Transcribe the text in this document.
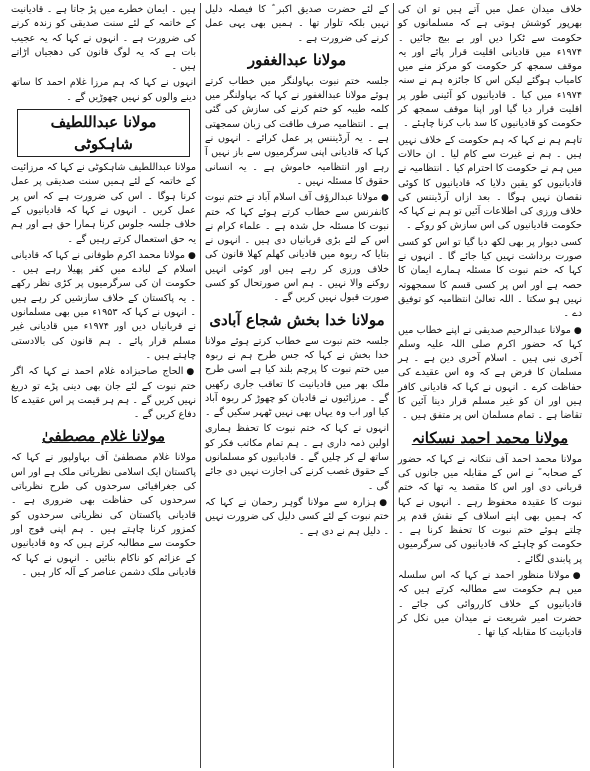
خلاف میدان عمل میں آتے ہیں تو ان کی بھرپور کوشش ہوتی ہے کہ مسلمانوں کو حکومت سے ٹکرا دیں اور بے بیج جائیں ۔ ۱۹۷۴ء میں قادیانی اقلیت قرار پائے اور یہ موقف سمجھ کر حکومت کو مرکز منے میں کامیاب ہوگئے لیکن اس کا جائزہ ہم نے سنہ ۱۹۷۴ء میں کیا ۔ قادیانیوں کو آئینی طور پر اقلیت قرار دیا گیا اور اپنا موقف سمجھ کر حکومت کو قادیانیوں کا سد باب کرنا چاہئے ۔

تاہم ہم نے کہا کہ ہم حکومت کے خلاف نہیں ہیں ۔ ہم نے غیرت سے کام لیا ۔ ان حالات میں ہم نے حکومت کا احترام کیا ۔ انتظامیہ نے قادیانیوں کو یقین دلایا کہ قادیانیوں کا کوئی نقصان نہیں ہوگا ۔ بعد ازاں آرڈیننس کی خلاف ورزی کی اطلاعات آئیں تو ہم نے کہا کہ حکومت قادیانیوں کی اس سازش کو روکے ۔

کسی دیوار پر بھی لکھ دیا گیا تو اس کو کسی صورت برداشت نہیں کیا جائے گا ۔ انہوں نے کہا کہ ختم نبوت کا مسئلہ ہمارے ایمان کا حصہ ہے اور اس پر کسی قسم کا سمجھوتہ نہیں ہو سکتا ۔ اللہ تعالیٰ انتظامیہ کو توفیق دے ۔

● مولانا عبدالرحیم صدیقی نے اپنے خطاب میں کہا کہ حضور اکرم صلی اللہ علیہ وسلم آخری نبی ہیں ۔ اسلام آخری دین ہے ۔ ہر مسلمان کا فرض ہے کہ وہ اس عقیدے کی حفاظت کرے ۔ انہوں نے کہا کہ قادیانی کافر ہیں اور ان کو غیر مسلم قرار دینا آئین کا تقاضا ہے ۔ تمام مسلمان اس پر متفق ہیں ۔

مولانا محمد احمد نسکانہ

مولانا محمد احمد آف ننکانہ نے کہا کہ حضور کے صحابہ ؓ نے اس کے مقابلہ میں جانوں کی قربانی دی اور اس کا مقصد یہ تھا کہ ختم نبوت کا عقیدہ محفوظ رہے ۔ انہوں نے کہا کہ ہمیں بھی اپنے اسلاف کے نقش قدم پر چلتے ہوئے ختم نبوت کا تحفظ کرنا ہے ۔ حکومت کو چاہئے کہ قادیانیوں کی سرگرمیوں پر پابندی لگائے ۔

● مولانا منظور احمد نے کہا کہ اس سلسلہ میں ہم حکومت سے مطالبہ کرتے ہیں کہ قادیانیوں کے خلاف کارروائی کی جائے ۔ حضرت امیر شریعت نے میدان میں نکل کر قادیانیت کا مقابلہ کیا تھا ۔

کے لئے حضرت صدیق اکبر ؓ کا فیصلہ دلیل نہیں بلکہ تلوار تھا ۔ ہمیں بھی یہی عمل کرنے کی ضرورت ہے ۔

مولانا عبدالغفور

جلسہ ختم نبوت بہاولنگر میں خطاب کرتے ہوئے مولانا عبدالغفور نے کہا کہ بہاولنگر میں کلمہ طیبہ کو ختم کرنے کی سازش کی گئی ہے ۔ انتظامیہ صرف طاقت کی زبان سمجھتی ہے ۔ یہ آرڈیننس پر عمل کرائے ۔ انہوں نے کہا کہ قادیانی اپنی سرگرمیوں سے باز نہیں آ رہے اور انتظامیہ خاموش ہے ۔ یہ انسانی حقوق کا مسئلہ نہیں ۔

● مولانا عبدالرؤف آف اسلام آباد نے ختم نبوت کانفرنس سے خطاب کرتے ہوئے کہا کہ ختم نبوت کا مسئلہ حل شدہ ہے ۔ علماء کرام نے اس کے لئے بڑی قربانیاں دی ہیں ۔ انہوں نے بتایا کہ ربوہ میں قادیانی کھلم کھلا قانون کی خلاف ورزی کر رہے ہیں اور کوئی انہیں روکنے والا نہیں ۔ ہم اس صورتحال کو کسی صورت قبول نہیں کریں گے ۔

مولانا خدا بخش شجاع آبادی

جلسہ ختم نبوت سے خطاب کرتے ہوئے مولانا خدا بخش نے کہا کہ جس طرح ہم نے ربوہ میں ختم نبوت کا پرچم بلند کیا ہے اسی طرح ملک بھر میں قادیانیت کا تعاقب جاری رکھیں گے ۔ مرزائیوں نے قادیان کو چھوڑ کر ربوہ آباد کیا اور اب وہ یہاں بھی نہیں ٹھہر سکیں گے ۔

انہوں نے کہا کہ ختم نبوت کا تحفظ ہماری اولین ذمہ داری ہے ۔ ہم تمام مکاتب فکر کو ساتھ لے کر چلیں گے ۔ قادیانیوں کو مسلمانوں کے حقوق غصب کرنے کی اجازت نہیں دی جائے گی ۔

● ہزارہ سے مولانا گوہر رحمان نے کہا کہ ختم نبوت کے لئے کسی دلیل کی ضرورت نہیں ۔ دلیل ہم نے دی ہے ۔

ہیں ۔ ایمان خطرے میں پڑ جاتا ہے ۔ قادیانیت کے خاتمہ کے لئے سنت صدیقی کو زندہ کرنے کی ضرورت ہے ۔ انہوں نے کہا کہ یہ عجیب بات ہے کہ یہ لوگ قانون کی دھجیاں اڑاتے ہیں ۔

انہوں نے کہا کہ ہم مرزا غلام احمد کا ساتھ دینے والوں کو نہیں چھوڑیں گے ۔

مولانا عبداللطیف شاہکوٹی

مولانا عبداللطیف شاہکوٹی نے کہا کہ مرزائیت کے خاتمہ کے لئے ہمیں سنت صدیقی پر عمل کرنا ہوگا ۔ اس کی ضرورت ہے کہ اس پر عمل کریں ۔ انہوں نے کہا کہ قادیانیوں کے خلاف جلسہ جلوس کرنا ہمارا حق ہے اور ہم یہ حق استعمال کرتے رہیں گے ۔

● مولانا محمد اکرم طوفانی نے کہا کہ قادیانی اسلام کے لبادے میں کفر پھیلا رہے ہیں ۔ حکومت ان کی سرگرمیوں پر کڑی نظر رکھے ۔ یہ پاکستان کے خلاف سازشیں کر رہے ہیں ۔ انہوں نے کہا کہ ۱۹۵۳ء میں بھی مسلمانوں نے قربانیاں دیں اور ۱۹۷۴ء میں قادیانی غیر مسلم قرار پائے ۔ ہم قانون کی بالادستی چاہتے ہیں ۔

● الحاج صاحبزادہ غلام احمد نے کہا کہ اگر ختم نبوت کے لئے جان بھی دینی پڑے تو دریغ نہیں کریں گے ۔ ہم ہر قیمت پر اس عقیدے کا دفاع کریں گے ۔

مولانا غلام مصطفیٰ

مولانا غلام مصطفیٰ آف بہاولپور نے کہا کہ پاکستان ایک اسلامی نظریاتی ملک ہے اور اس کی جغرافیائی سرحدوں کی طرح نظریاتی سرحدوں کی حفاظت بھی ضروری ہے ۔ قادیانی پاکستان کی نظریاتی سرحدوں کو کمزور کرنا چاہتے ہیں ۔ ہم اپنی فوج اور حکومت سے مطالبہ کرتے ہیں کہ وہ قادیانیوں کے عزائم کو ناکام بنائیں ۔ انہوں نے کہا کہ قادیانی ملک دشمن عناصر کے آلہ کار ہیں ۔
